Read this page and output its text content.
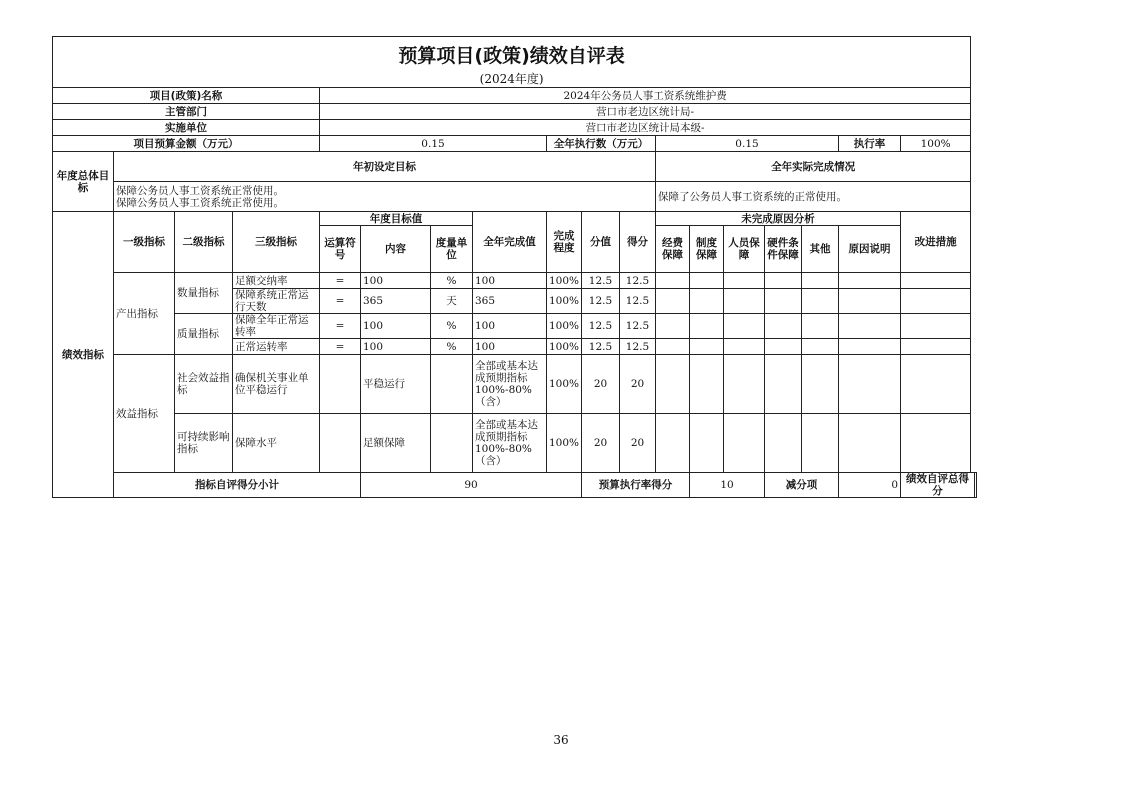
预算项目(政策)绩效自评表																		
(2024年度)																		
项目(政策)名称				2024年公务员人事工资系统维护费														
主管部门				营口市老边区统计局-														
实施单位				营口市老边区统计局本级-														
项目预算金额（万元）				0.15				全年执行数（万元）			0.15					执行率	100%	
年度总体目标	年初设定目标										全年实际完成情况							

	保障公务员人事工资系统正常使用。
保障公务员人事工资系统正常使用。										保障了公务员人事工资系统的正常使用。							
绩效指标	一级指标	二级指标	三级指标	年度目标值			全年完成值	完成程度	分值	得分	未完成原因分析						改进措施	
				运算符号	内容	度量单位					经费保障	制度保障	人员保障	硬件条件保障	其他	原因说明		
	产出指标	数量指标	足额交纳率	=	100	%	100	100%	12.5	12.5								
			保障系统正常运行天数	=	365	天	365	100%	12.5	12.5								
		质量指标	保障全年正常运转率	=	100	%	100	100%	12.5	12.5								
			正常运转率	=	100	%	100	100%	12.5	12.5								
	效益指标	社会效益指标	确保机关事业单位平稳运行		平稳运行		全部或基本达成预期指标100%-80%（含）	100%	20	20								
		可持续影响指标	保障水平		足额保障		全部或基本达成预期指标100%-80%（含）	100%	20	20								
	指标自评得分小计				90				预算执行率得分			10		减分项		0	绩效自评总得分	
36
